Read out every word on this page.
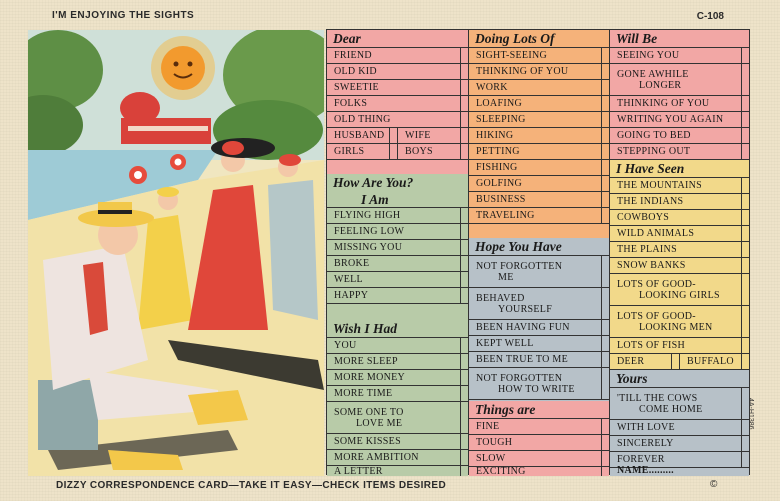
I'M ENJOYING THE SIGHTS	C-108
Dear
FRIEND
OLD KID
SWEETIE
FOLKS
OLD THING
HUSBAND	WIFE
GIRLS	BOYS
How Are You?
I Am
FLYING HIGH
FEELING LOW
MISSING YOU
BROKE
WELL
HAPPY
Wish I Had
YOU
MORE SLEEP
MORE MONEY
MORE TIME
SOME ONE TO
LOVE ME
SOME KISSES
MORE AMBITION
A LETTER
Doing Lots Of
SIGHT-SEEING
THINKING OF YOU
WORK
LOAFING
SLEEPING
HIKING
PETTING
FISHING
GOLFING
BUSINESS
TRAVELING
Hope You Have
NOT FORGOTTEN
ME
BEHAVED
YOURSELF
BEEN HAVING FUN
KEPT WELL
BEEN TRUE TO ME
NOT FORGOTTEN
HOW TO WRITE
Things are
FINE
TOUGH
SLOW
EXCITING
Will Be
SEEING YOU
GONE AWHILE
LONGER
THINKING OF YOU
WRITING YOU AGAIN
GOING TO BED
STEPPING OUT
I Have Seen
THE MOUNTAINS
THE INDIANS
COWBOYS
WILD ANIMALS
THE PLAINS
SNOW BANKS
LOTS OF GOOD-
LOOKING GIRLS
LOTS OF GOOD-
LOOKING MEN
LOTS OF FISH
DEER	BUFFALO
Yours
'TILL THE COWS
COME HOME
WITH LOVE
SINCERELY
FOREVER
NAME.........
DIZZY CORRESPONDENCE CARD—TAKE IT EASY—CHECK ITEMS DESIRED	©
4A-H1386
